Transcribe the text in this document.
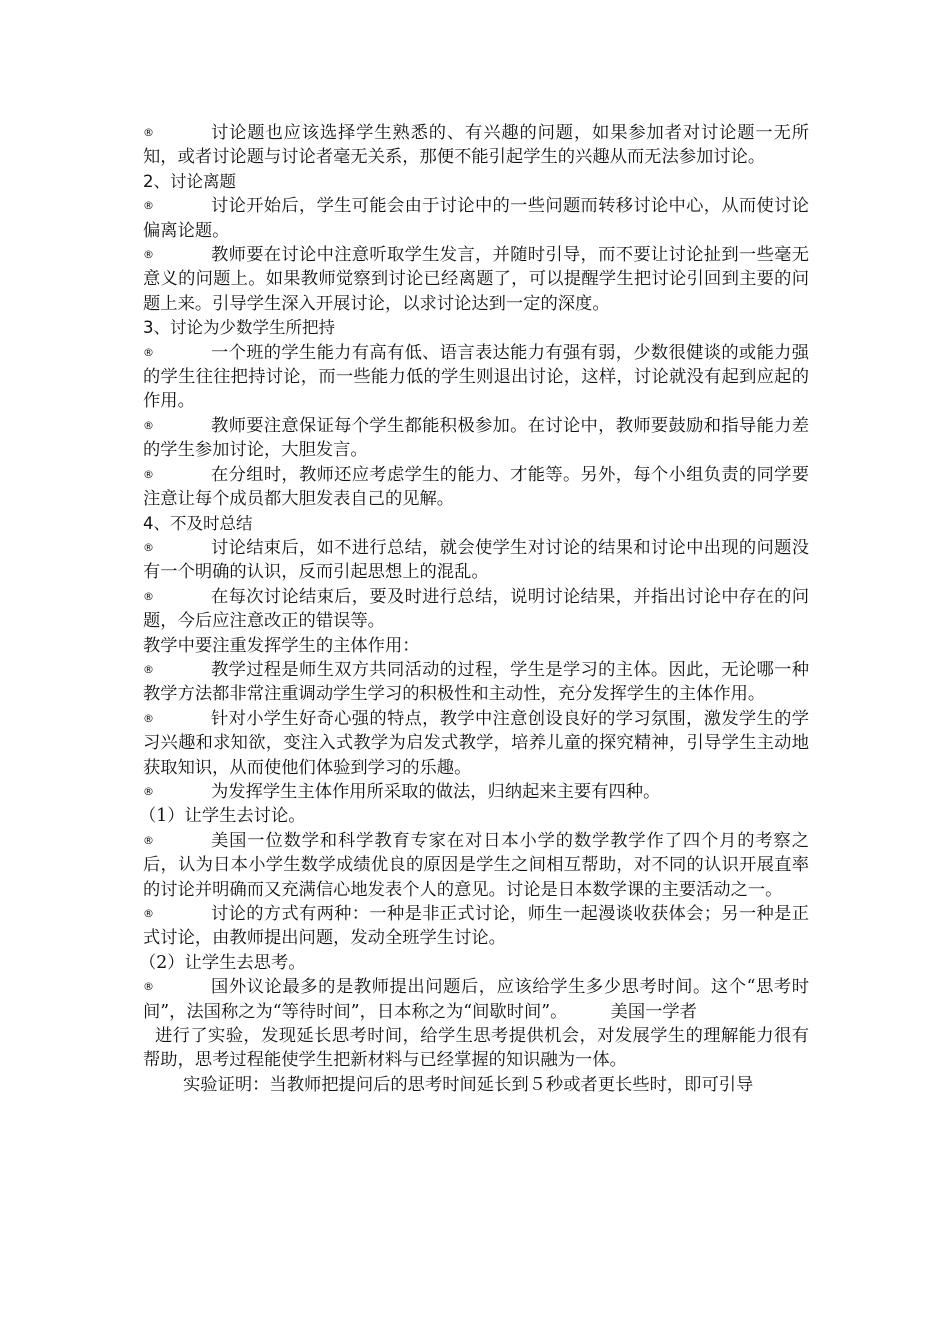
®	讨论题也应该选择学生熟悉的、有兴趣的问题，如果参加者对讨论题一无所知，或者讨论题与讨论者毫无关系，那便不能引起学生的兴趣从而无法参加讨论。

2、讨论离题

®	讨论开始后，学生可能会由于讨论中的一些问题而转移讨论中心，从而使讨论偏离论题。

®	教师要在讨论中注意听取学生发言，并随时引导，而不要让讨论扯到一些毫无意义的问题上。如果教师觉察到讨论已经离题了，可以提醒学生把讨论引回到主要的问题上来。引导学生深入开展讨论，以求讨论达到一定的深度。

3、讨论为少数学生所把持

®	一个班的学生能力有高有低、语言表达能力有强有弱，少数很健谈的或能力强的学生往往把持讨论，而一些能力低的学生则退出讨论，这样，讨论就没有起到应起的作用。

®	教师要注意保证每个学生都能积极参加。在讨论中，教师要鼓励和指导能力差的学生参加讨论，大胆发言。

®	在分组时，教师还应考虑学生的能力、才能等。另外，每个小组负责的同学要注意让每个成员都大胆发表自己的见解。

4、不及时总结

®	讨论结束后，如不进行总结，就会使学生对讨论的结果和讨论中出现的问题没有一个明确的认识，反而引起思想上的混乱。

®	在每次讨论结束后，要及时进行总结，说明讨论结果，并指出讨论中存在的问题，今后应注意改正的错误等。

教学中要注重发挥学生的主体作用：

®	教学过程是师生双方共同活动的过程，学生是学习的主体。因此，无论哪一种教学方法都非常注重调动学生学习的积极性和主动性，充分发挥学生的主体作用。

®	针对小学生好奇心强的特点，教学中注意创设良好的学习氛围，激发学生的学习兴趣和求知欲，变注入式教学为启发式教学，培养儿童的探究精神，引导学生主动地获取知识，从而使他们体验到学习的乐趣。

®	为发挥学生主体作用所采取的做法，归纳起来主要有四种。

（1）让学生去讨论。

®	美国一位数学和科学教育专家在对日本小学的数学教学作了四个月的考察之后，认为日本小学生数学成绩优良的原因是学生之间相互帮助，对不同的认识开展直率的讨论并明确而又充满信心地发表个人的意见。讨论是日本数学课的主要活动之一。

®	讨论的方式有两种：一种是非正式讨论，师生一起漫谈收获体会；另一种是正式讨论，由教师提出问题，发动全班学生讨论。

（2）让学生去思考。

®	国外议论最多的是教师提出问题后，应该给学生多少思考时间。这个“思考时间”，法国称之为“等待时间”，日本称之为“间歇时间”。　　　美国一学者

进行了实验，发现延长思考时间，给学生思考提供机会，对发展学生的理解能力很有帮助，思考过程能使学生把新材料与已经掌握的知识融为一体。

实验证明：当教师把提问后的思考时间延长到５秒或者更长些时，即可引导
